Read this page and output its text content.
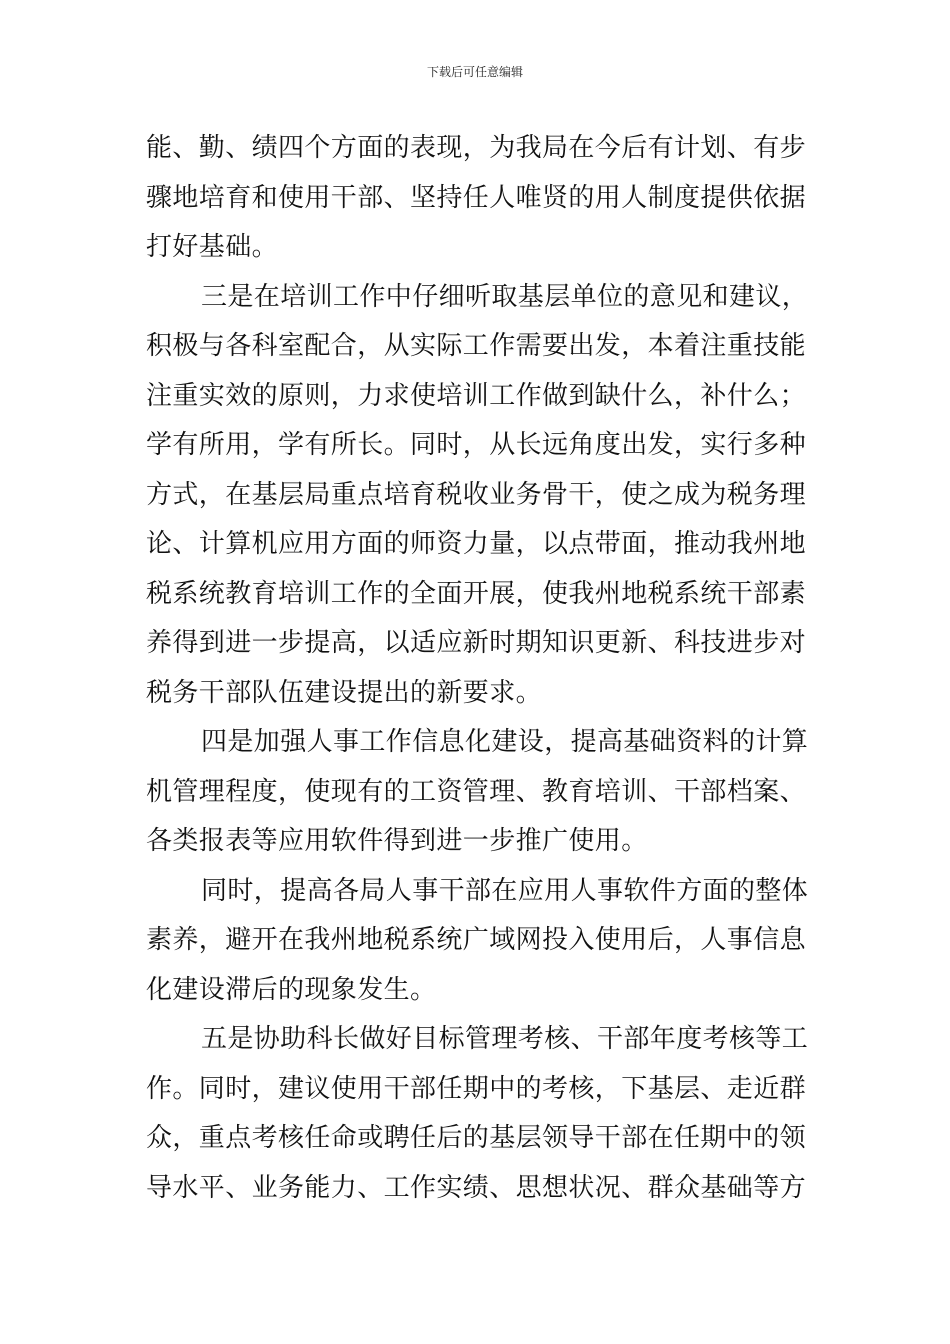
下载后可任意编辑
能、勤、绩四个方面的表现，为我局在今后有计划、有步
骤地培育和使用干部、坚持任人唯贤的用人制度提供依据
打好基础。
三是在培训工作中仔细听取基层单位的意见和建议，
积极与各科室配合，从实际工作需要出发，本着注重技能
注重实效的原则，力求使培训工作做到缺什么，补什么；
学有所用，学有所长。同时，从长远角度出发，实行多种
方式，在基层局重点培育税收业务骨干，使之成为税务理
论、计算机应用方面的师资力量，以点带面，推动我州地
税系统教育培训工作的全面开展，使我州地税系统干部素
养得到进一步提高，以适应新时期知识更新、科技进步对
税务干部队伍建设提出的新要求。
四是加强人事工作信息化建设，提高基础资料的计算
机管理程度，使现有的工资管理、教育培训、干部档案、
各类报表等应用软件得到进一步推广使用。
同时，提高各局人事干部在应用人事软件方面的整体
素养，避开在我州地税系统广域网投入使用后，人事信息
化建设滞后的现象发生。
五是协助科长做好目标管理考核、干部年度考核等工
作。同时，建议使用干部任期中的考核，下基层、走近群
众，重点考核任命或聘任后的基层领导干部在任期中的领
导水平、业务能力、工作实绩、思想状况、群众基础等方
